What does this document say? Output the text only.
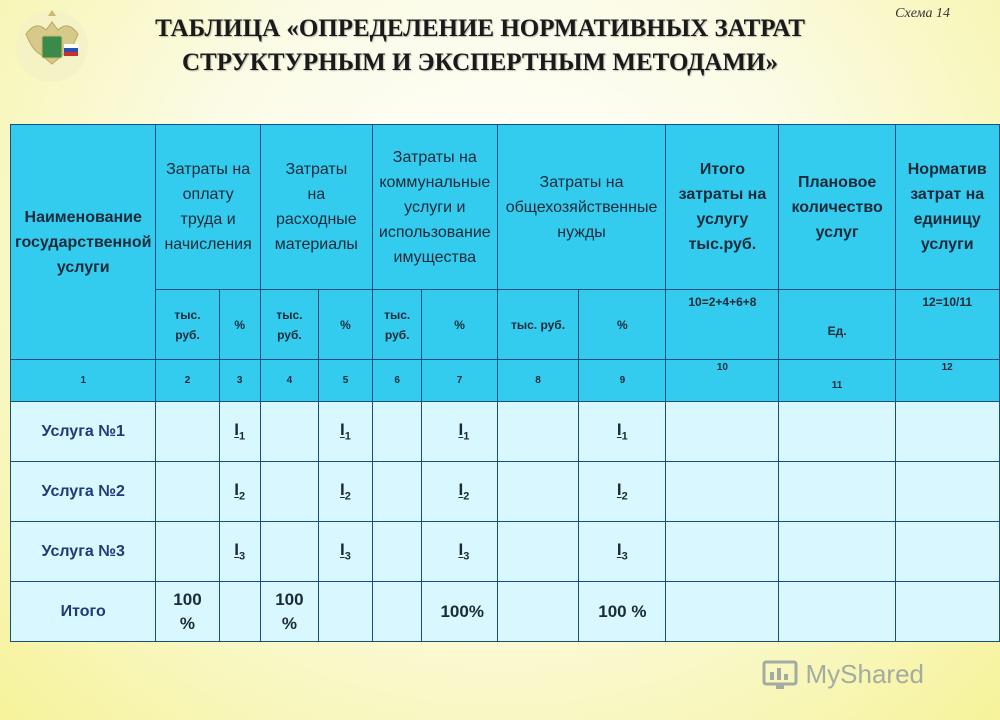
Схема 14
ТАБЛИЦА «ОПРЕДЕЛЕНИЕ НОРМАТИВНЫХ ЗАТРАТ
СТРУКТУРНЫМ И ЭКСПЕРТНЫМ МЕТОДАМИ»
Наименование государственной услуги	Затраты на оплату труда и начисления		Затраты на расходные материалы		Затраты на коммунальные услуги и использование имущества		Затраты на общехозяйственные нужды		Итого затраты на услугу тыс.руб.	Плановое количество услуг	Норматив затрат на единицу услуги
	тыс. руб.	%	тыс. руб.	%	тыс. руб.	%	тыс. руб.	%	10=2+4+6+8	Ед.	12=10/11
1	2	3	4	5	6	7	8	9	10	11	12
Услуга №1		$I_1$		$I_1$		$I_1$		$I_1$			
Услуга №2		$I_2$		$I_2$		$I_2$		$I_2$			
Услуга №3		$I_3$		$I_3$		$I_3$		$I_3$			
Итого	100 %		100 %			100%		100 %			
MyShared
